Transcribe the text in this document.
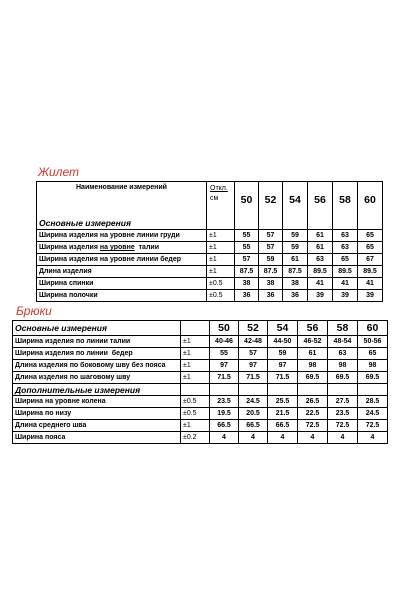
Жилет
Наименование измерений	Откл.
см	50	52	54	56	58	60
Основные измерения							
Ширина изделия на уровне линии груди	±1	55	57	59	61	63	65
Ширина изделия на уровне  талии	±1	55	57	59	61	63	65
Ширина изделия на уровне линии бедер	±1	57	59	61	63	65	67
Длина изделия	±1	87.5	87.5	87.5	89.5	89.5	89.5
Ширина спинки	±0.5	38	38	38	41	41	41
Ширина полочки	±0.5	36	36	36	39	39	39
Брюки
Основные измерения		50	52	54	56	58	60
Ширина изделия по линии талии	±1	40-46	42-48	44-50	46-52	48-54	50-56
Ширина изделия по линии  бедер	±1	55	57	59	61	63	65
Длина изделия по боковому шву без пояса	±1	97	97	97	98	98	98
Длина изделия по шаговому шву	±1	71.5	71.5	71.5	69.5	69.5	69.5
Дополнительные измерения							
Ширина на уровне колена	±0.5	23.5	24.5	25.5	26.5	27.5	28.5
Ширина по низу	±0.5	19.5	20.5	21.5	22.5	23.5	24.5
Длина среднего шва	±1	66.5	66.5	66.5	72.5	72.5	72.5
Ширина пояса	±0.2	4	4	4	4	4	4
